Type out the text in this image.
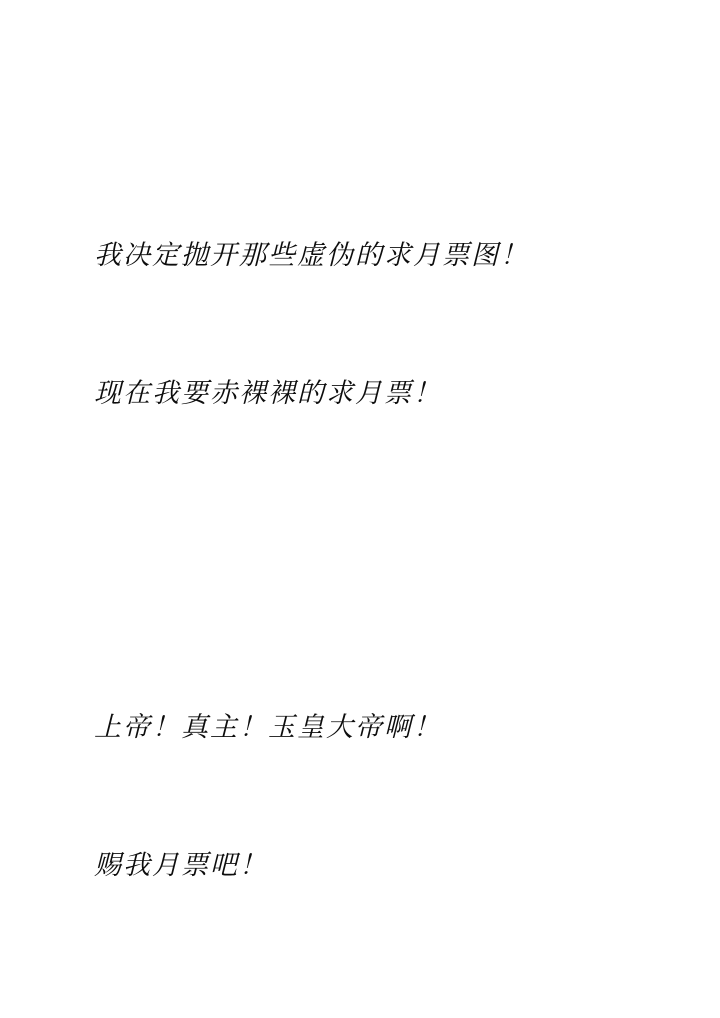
我决定抛开那些虚伪的求月票图！

现在我要赤裸裸的求月票！

上帝！真主！玉皇大帝啊！

赐我月票吧！
